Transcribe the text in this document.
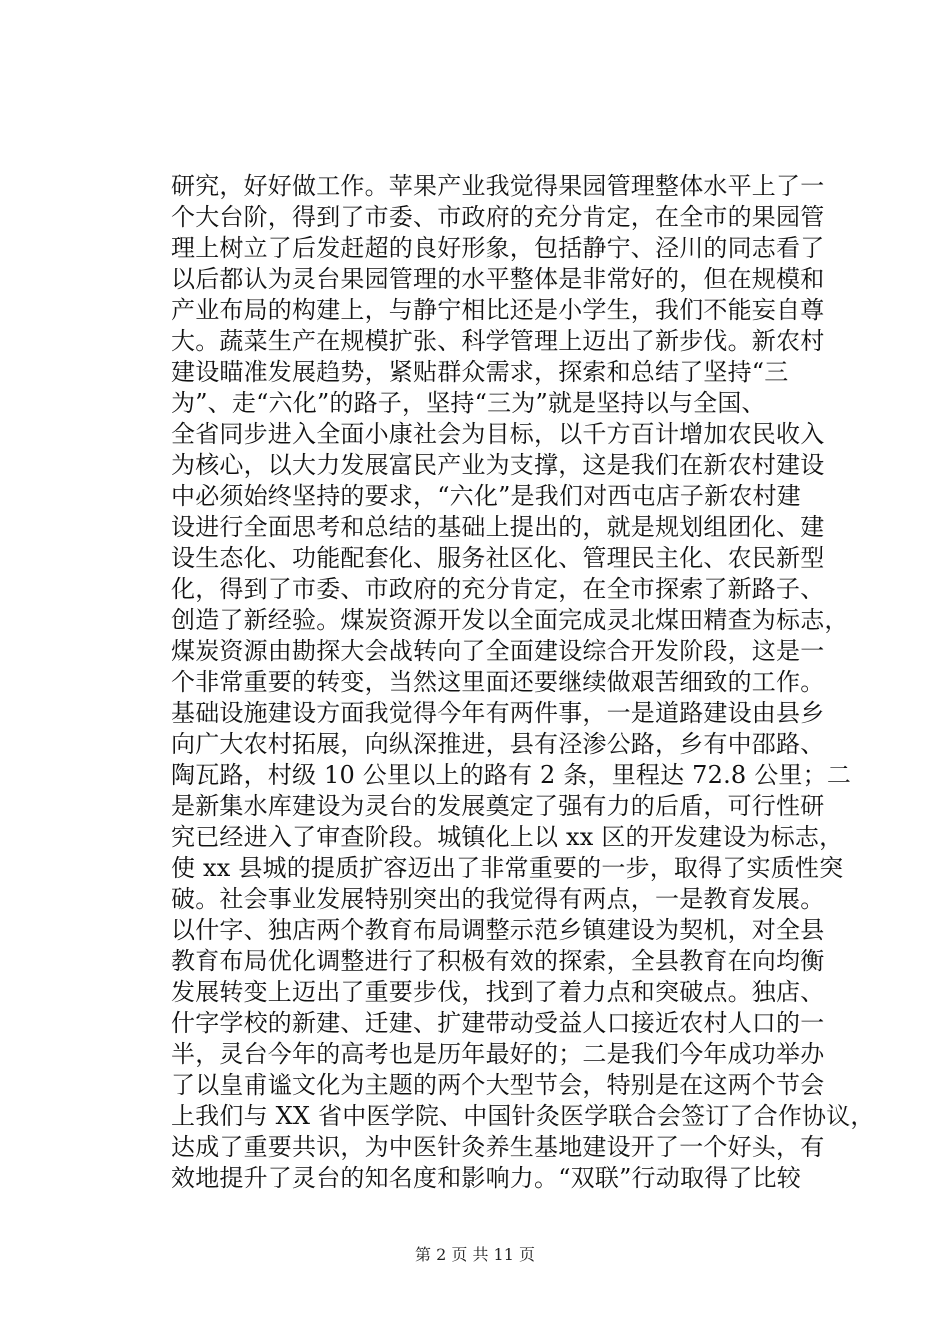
研究，好好做工作。苹果产业我觉得果园管理整体水平上了一
个大台阶，得到了市委、市政府的充分肯定，在全市的果园管
理上树立了后发赶超的良好形象，包括静宁、泾川的同志看了
以后都认为灵台果园管理的水平整体是非常好的，但在规模和
产业布局的构建上，与静宁相比还是小学生，我们不能妄自尊
大。蔬菜生产在规模扩张、科学管理上迈出了新步伐。新农村
建设瞄准发展趋势，紧贴群众需求，探索和总结了坚持“三
为”、走“六化”的路子，坚持“三为”就是坚持以与全国、
全省同步进入全面小康社会为目标，以千方百计增加农民收入
为核心，以大力发展富民产业为支撑，这是我们在新农村建设
中必须始终坚持的要求，“六化”是我们对西屯店子新农村建
设进行全面思考和总结的基础上提出的，就是规划组团化、建
设生态化、功能配套化、服务社区化、管理民主化、农民新型
化，得到了市委、市政府的充分肯定，在全市探索了新路子、
创造了新经验。煤炭资源开发以全面完成灵北煤田精查为标志，
煤炭资源由勘探大会战转向了全面建设综合开发阶段，这是一
个非常重要的转变，当然这里面还要继续做艰苦细致的工作。
基础设施建设方面我觉得今年有两件事，一是道路建设由县乡
向广大农村拓展，向纵深推进，县有泾渗公路，乡有中邵路、
陶瓦路，村级 10 公里以上的路有 2 条，里程达 72.8 公里；二
是新集水库建设为灵台的发展奠定了强有力的后盾，可行性研
究已经进入了审查阶段。城镇化上以 xx 区的开发建设为标志，
使 xx 县城的提质扩容迈出了非常重要的一步，取得了实质性突
破。社会事业发展特别突出的我觉得有两点，一是教育发展。
以什字、独店两个教育布局调整示范乡镇建设为契机，对全县
教育布局优化调整进行了积极有效的探索，全县教育在向均衡
发展转变上迈出了重要步伐，找到了着力点和突破点。独店、
什字学校的新建、迁建、扩建带动受益人口接近农村人口的一
半，灵台今年的高考也是历年最好的；二是我们今年成功举办
了以皇甫谧文化为主题的两个大型节会，特别是在这两个节会
上我们与 XX 省中医学院、中国针灸医学联合会签订了合作协议，
达成了重要共识，为中医针灸养生基地建设开了一个好头，有
效地提升了灵台的知名度和影响力。“双联”行动取得了比较
第 2 页 共 11 页
